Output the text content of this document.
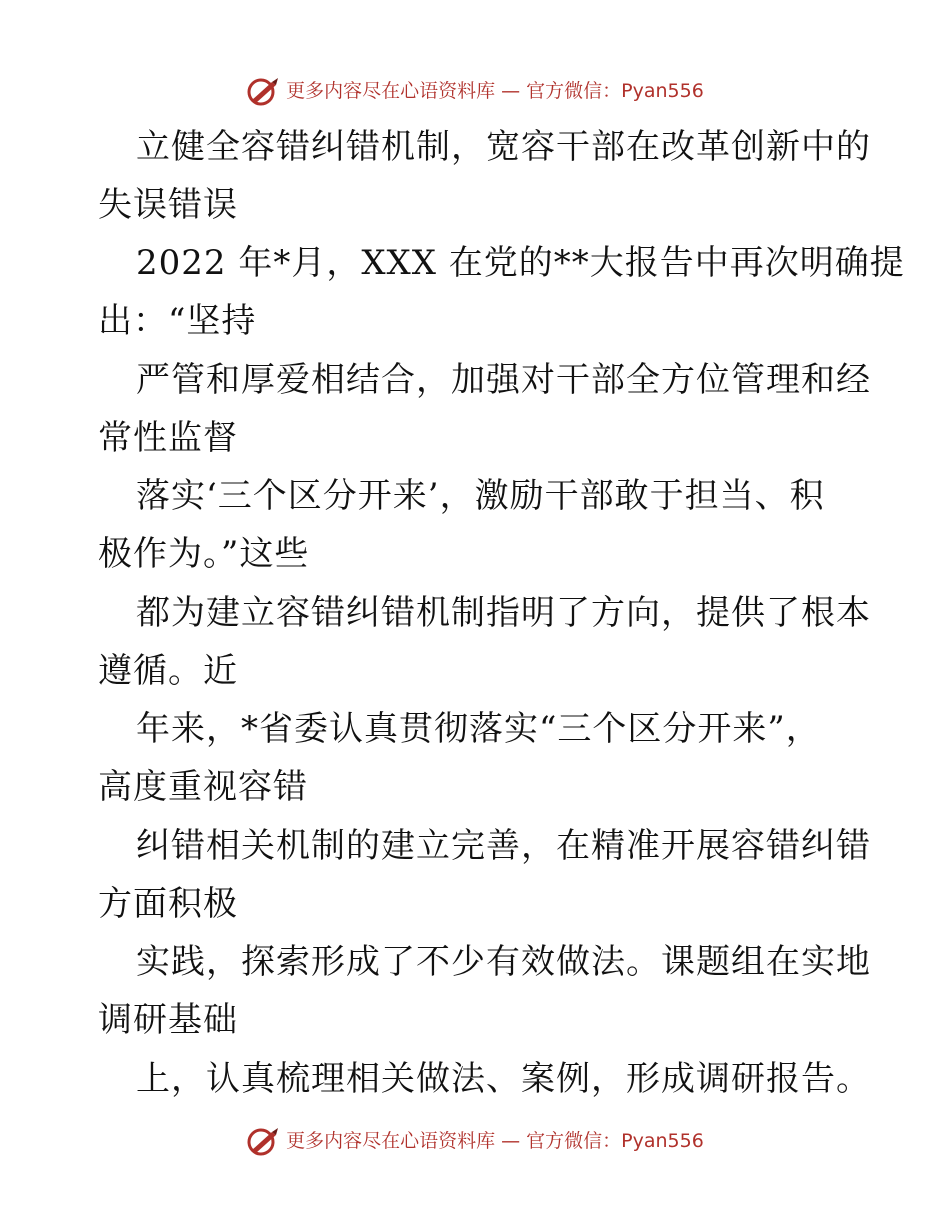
更多内容尽在心语资料库 — 官方微信：Pyan556
立健全容错纠错机制，宽容干部在改革创新中的
失误错误
2022 年*月，XXX 在党的**大报告中再次明确提
出：“坚持
严管和厚爱相结合，加强对干部全方位管理和经
常性监督
落实‘三个区分开来’，激励干部敢于担当、积
极作为。”这些
都为建立容错纠错机制指明了方向，提供了根本
遵循。近
年来，*省委认真贯彻落实“三个区分开来”，
高度重视容错
纠错相关机制的建立完善，在精准开展容错纠错
方面积极
实践，探索形成了不少有效做法。课题组在实地
调研基础
上，认真梳理相关做法、案例，形成调研报告。
更多内容尽在心语资料库 — 官方微信：Pyan556
